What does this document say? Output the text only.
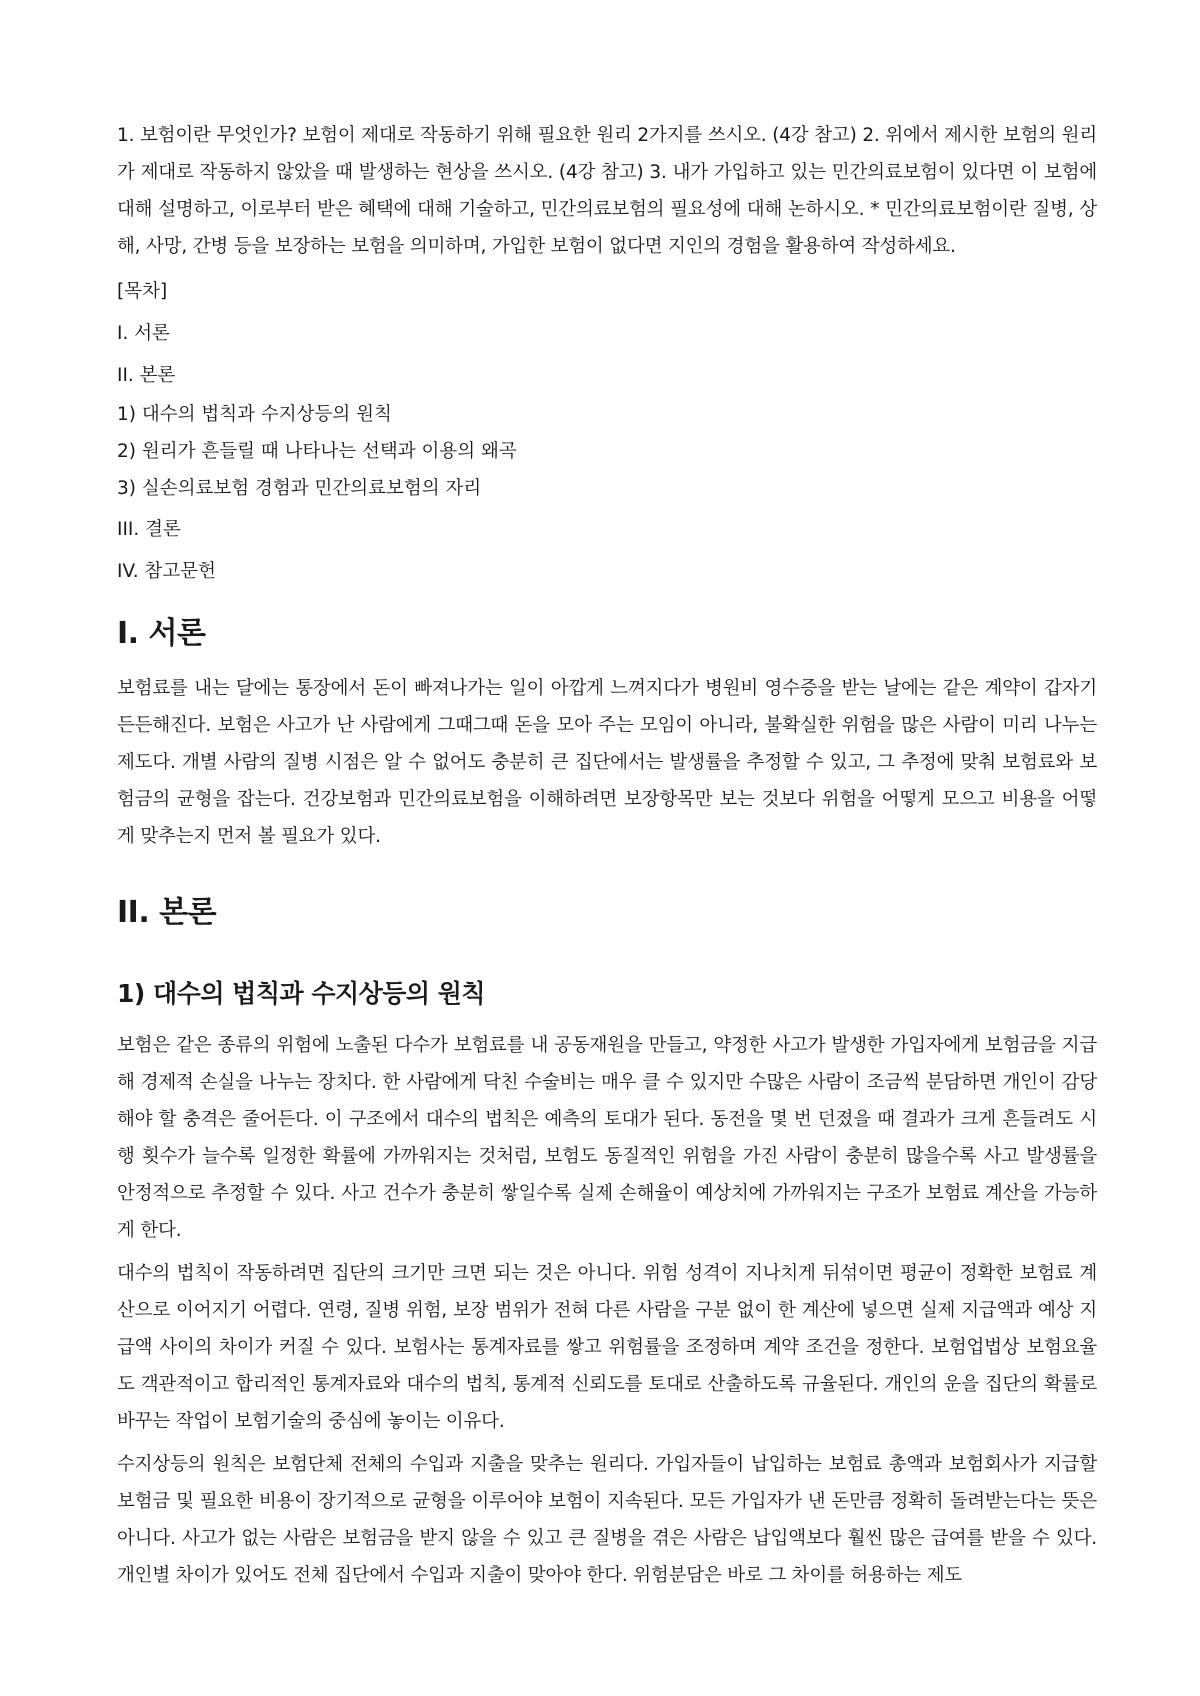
1. 보험이란 무엇인가? 보험이 제대로 작동하기 위해 필요한 원리 2가지를 쓰시오. (4강 참고) 2. 위에서 제시한 보험의 원리가 제대로 작동하지 않았을 때 발생하는 현상을 쓰시오. (4강 참고) 3. 내가 가입하고 있는 민간의료보험이 있다면 이 보험에 대해 설명하고, 이로부터 받은 혜택에 대해 기술하고, 민간의료보험의 필요성에 대해 논하시오. * 민간의료보험이란 질병, 상해, 사망, 간병 등을 보장하는 보험을 의미하며, 가입한 보험이 없다면 지인의 경험을 활용하여 작성하세요.

[목차]
I. 서론
II. 본론
1) 대수의 법칙과 수지상등의 원칙
2) 원리가 흔들릴 때 나타나는 선택과 이용의 왜곡
3) 실손의료보험 경험과 민간의료보험의 자리
III. 결론
IV. 참고문헌
I. 서론

보험료를 내는 달에는 통장에서 돈이 빠져나가는 일이 아깝게 느껴지다가 병원비 영수증을 받는 날에는 같은 계약이 갑자기 든든해진다. 보험은 사고가 난 사람에게 그때그때 돈을 모아 주는 모임이 아니라, 불확실한 위험을 많은 사람이 미리 나누는 제도다. 개별 사람의 질병 시점은 알 수 없어도 충분히 큰 집단에서는 발생률을 추정할 수 있고, 그 추정에 맞춰 보험료와 보험금의 균형을 잡는다. 건강보험과 민간의료보험을 이해하려면 보장항목만 보는 것보다 위험을 어떻게 모으고 비용을 어떻게 맞추는지 먼저 볼 필요가 있다.

II. 본론
1) 대수의 법칙과 수지상등의 원칙

보험은 같은 종류의 위험에 노출된 다수가 보험료를 내 공동재원을 만들고, 약정한 사고가 발생한 가입자에게 보험금을 지급해 경제적 손실을 나누는 장치다. 한 사람에게 닥친 수술비는 매우 클 수 있지만 수많은 사람이 조금씩 분담하면 개인이 감당해야 할 충격은 줄어든다. 이 구조에서 대수의 법칙은 예측의 토대가 된다. 동전을 몇 번 던졌을 때 결과가 크게 흔들려도 시행 횟수가 늘수록 일정한 확률에 가까워지는 것처럼, 보험도 동질적인 위험을 가진 사람이 충분히 많을수록 사고 발생률을 안정적으로 추정할 수 있다. 사고 건수가 충분히 쌓일수록 실제 손해율이 예상치에 가까워지는 구조가 보험료 계산을 가능하게 한다.

대수의 법칙이 작동하려면 집단의 크기만 크면 되는 것은 아니다. 위험 성격이 지나치게 뒤섞이면 평균이 정확한 보험료 계산으로 이어지기 어렵다. 연령, 질병 위험, 보장 범위가 전혀 다른 사람을 구분 없이 한 계산에 넣으면 실제 지급액과 예상 지급액 사이의 차이가 커질 수 있다. 보험사는 통계자료를 쌓고 위험률을 조정하며 계약 조건을 정한다. 보험업법상 보험요율도 객관적이고 합리적인 통계자료와 대수의 법칙, 통계적 신뢰도를 토대로 산출하도록 규율된다. 개인의 운을 집단의 확률로 바꾸는 작업이 보험기술의 중심에 놓이는 이유다.

수지상등의 원칙은 보험단체 전체의 수입과 지출을 맞추는 원리다. 가입자들이 납입하는 보험료 총액과 보험회사가 지급할 보험금 및 필요한 비용이 장기적으로 균형을 이루어야 보험이 지속된다. 모든 가입자가 낸 돈만큼 정확히 돌려받는다는 뜻은 아니다. 사고가 없는 사람은 보험금을 받지 않을 수 있고 큰 질병을 겪은 사람은 납입액보다 훨씬 많은 급여를 받을 수 있다. 개인별 차이가 있어도 전체 집단에서 수입과 지출이 맞아야 한다. 위험분담은 바로 그 차이를 허용하는 제도
